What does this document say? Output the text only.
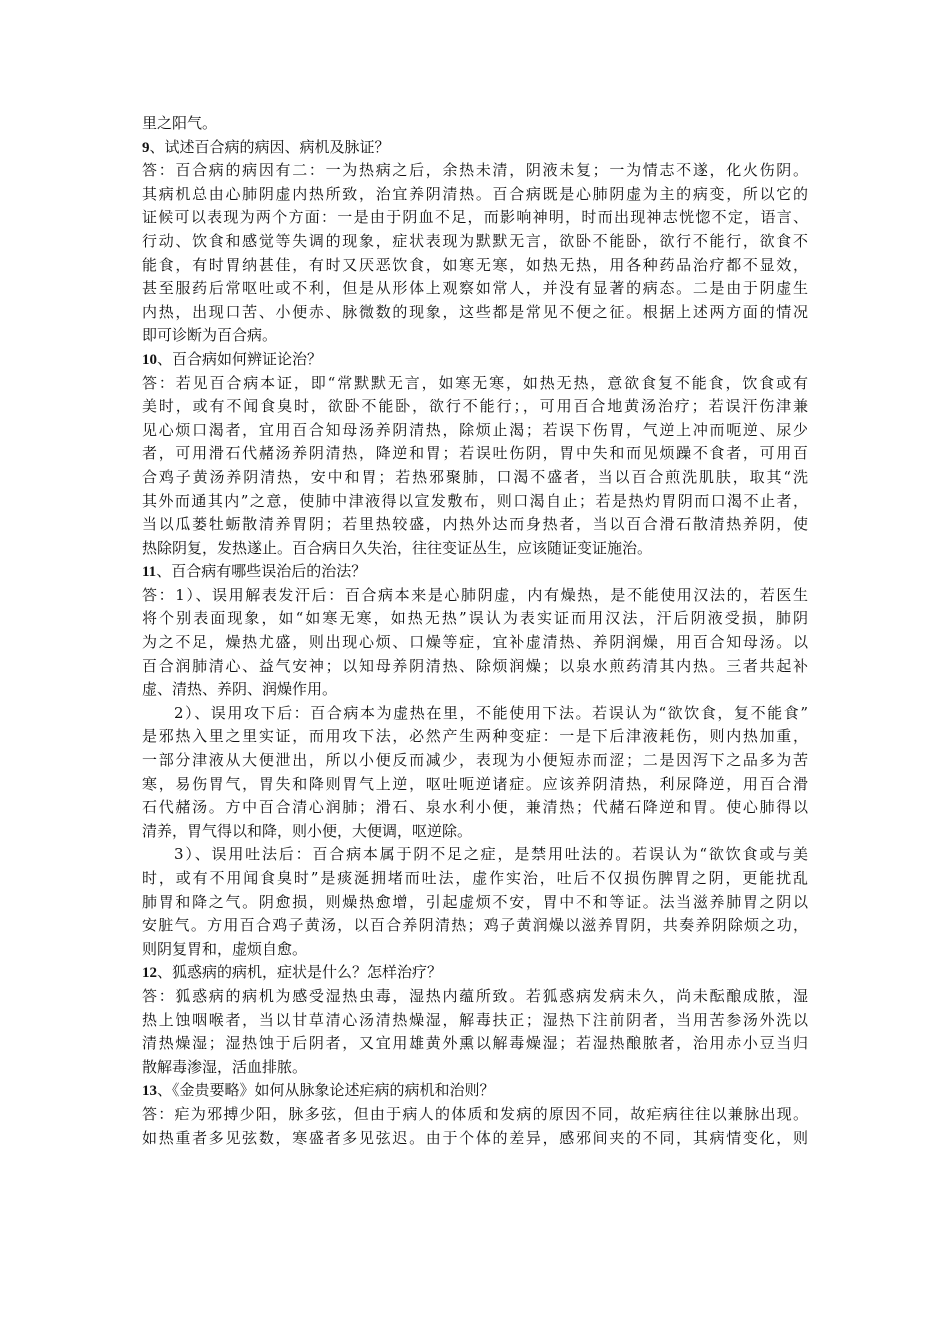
里之阳气。
9、试述百合病的病因、病机及脉证？
答：百合病的病因有二：一为热病之后，余热未清，阴液未复；一为情志不遂，化火伤阴。
其病机总由心肺阴虚内热所致，治宜养阴清热。百合病既是心肺阴虚为主的病变，所以它的
证候可以表现为两个方面：一是由于阴血不足，而影响神明，时而出现神志恍惚不定，语言、
行动、饮食和感觉等失调的现象，症状表现为默默无言，欲卧不能卧，欲行不能行，欲食不
能食，有时胃纳甚佳，有时又厌恶饮食，如寒无寒，如热无热，用各种药品治疗都不显效，
甚至服药后常呕吐或不利，但是从形体上观察如常人，并没有显著的病态。二是由于阴虚生
内热，出现口苦、小便赤、脉微数的现象，这些都是常见不便之征。根据上述两方面的情况
即可诊断为百合病。
10、百合病如何辨证论治？
答：若见百合病本证，即“常默默无言，如寒无寒，如热无热，意欲食复不能食，饮食或有
美时，或有不闻食臭时，欲卧不能卧，欲行不能行；，可用百合地黄汤治疗；若误汗伤津兼
见心烦口渴者，宜用百合知母汤养阴清热，除烦止渴；若误下伤胃，气逆上冲而呃逆、尿少
者，可用滑石代赭汤养阴清热，降逆和胃；若误吐伤阴，胃中失和而见烦躁不食者，可用百
合鸡子黄汤养阴清热，安中和胃；若热邪聚肺，口渴不盛者，当以百合煎洗肌肤，取其“洗
其外而通其内”之意，使肺中津液得以宣发敷布，则口渴自止；若是热灼胃阴而口渴不止者，
当以瓜蒌牡蛎散清养胃阴；若里热较盛，内热外达而身热者，当以百合滑石散清热养阴，使
热除阴复，发热遂止。百合病日久失治，往往变证丛生，应该随证变证施治。
11、百合病有哪些误治后的治法？
答：1）、误用解表发汗后：百合病本来是心肺阴虚，内有燥热，是不能使用汉法的，若医生
将个别表面现象，如“如寒无寒，如热无热”误认为表实证而用汉法，汗后阴液受损，肺阴
为之不足，燥热尤盛，则出现心烦、口燥等症，宜补虚清热、养阴润燥，用百合知母汤。以
百合润肺清心、益气安神；以知母养阴清热、除烦润燥；以泉水煎药清其内热。三者共起补
虚、清热、养阴、润燥作用。
2）、误用攻下后：百合病本为虚热在里，不能使用下法。若误认为“欲饮食，复不能食”
是邪热入里之里实证，而用攻下法，必然产生两种变症：一是下后津液耗伤，则内热加重，
一部分津液从大便泄出，所以小便反而减少，表现为小便短赤而涩；二是因泻下之品多为苦
寒，易伤胃气，胃失和降则胃气上逆，呕吐呃逆诸症。应该养阴清热，利尿降逆，用百合滑
石代赭汤。方中百合清心润肺；滑石、泉水利小便，兼清热；代赭石降逆和胃。使心肺得以
清养，胃气得以和降，则小便，大便调，呕逆除。
3）、误用吐法后：百合病本属于阴不足之症，是禁用吐法的。若误认为“欲饮食或与美
时，或有不用闻食臭时”是痰涎拥堵而吐法，虚作实治，吐后不仅损伤脾胃之阴，更能扰乱
肺胃和降之气。阴愈损，则燥热愈增，引起虚烦不安，胃中不和等证。法当滋养肺胃之阴以
安脏气。方用百合鸡子黄汤，以百合养阴清热；鸡子黄润燥以滋养胃阴，共奏养阴除烦之功，
则阴复胃和，虚烦自愈。
12、狐惑病的病机，症状是什么？怎样治疗？
答：狐惑病的病机为感受湿热虫毒，湿热内蕴所致。若狐惑病发病未久，尚未酝酿成脓，湿
热上蚀咽喉者，当以甘草清心汤清热燥湿，解毒扶正；湿热下注前阴者，当用苦参汤外洗以
清热燥湿；湿热蚀于后阴者，又宜用雄黄外熏以解毒燥湿；若湿热酿脓者，治用赤小豆当归
散解毒渗湿，活血排脓。
13、《金贵要略》如何从脉象论述疟病的病机和治则？
答：疟为邪搏少阳，脉多弦，但由于病人的体质和发病的原因不同，故疟病往往以兼脉出现。
如热重者多见弦数，寒盛者多见弦迟。由于个体的差异，感邪间夹的不同，其病情变化，则
